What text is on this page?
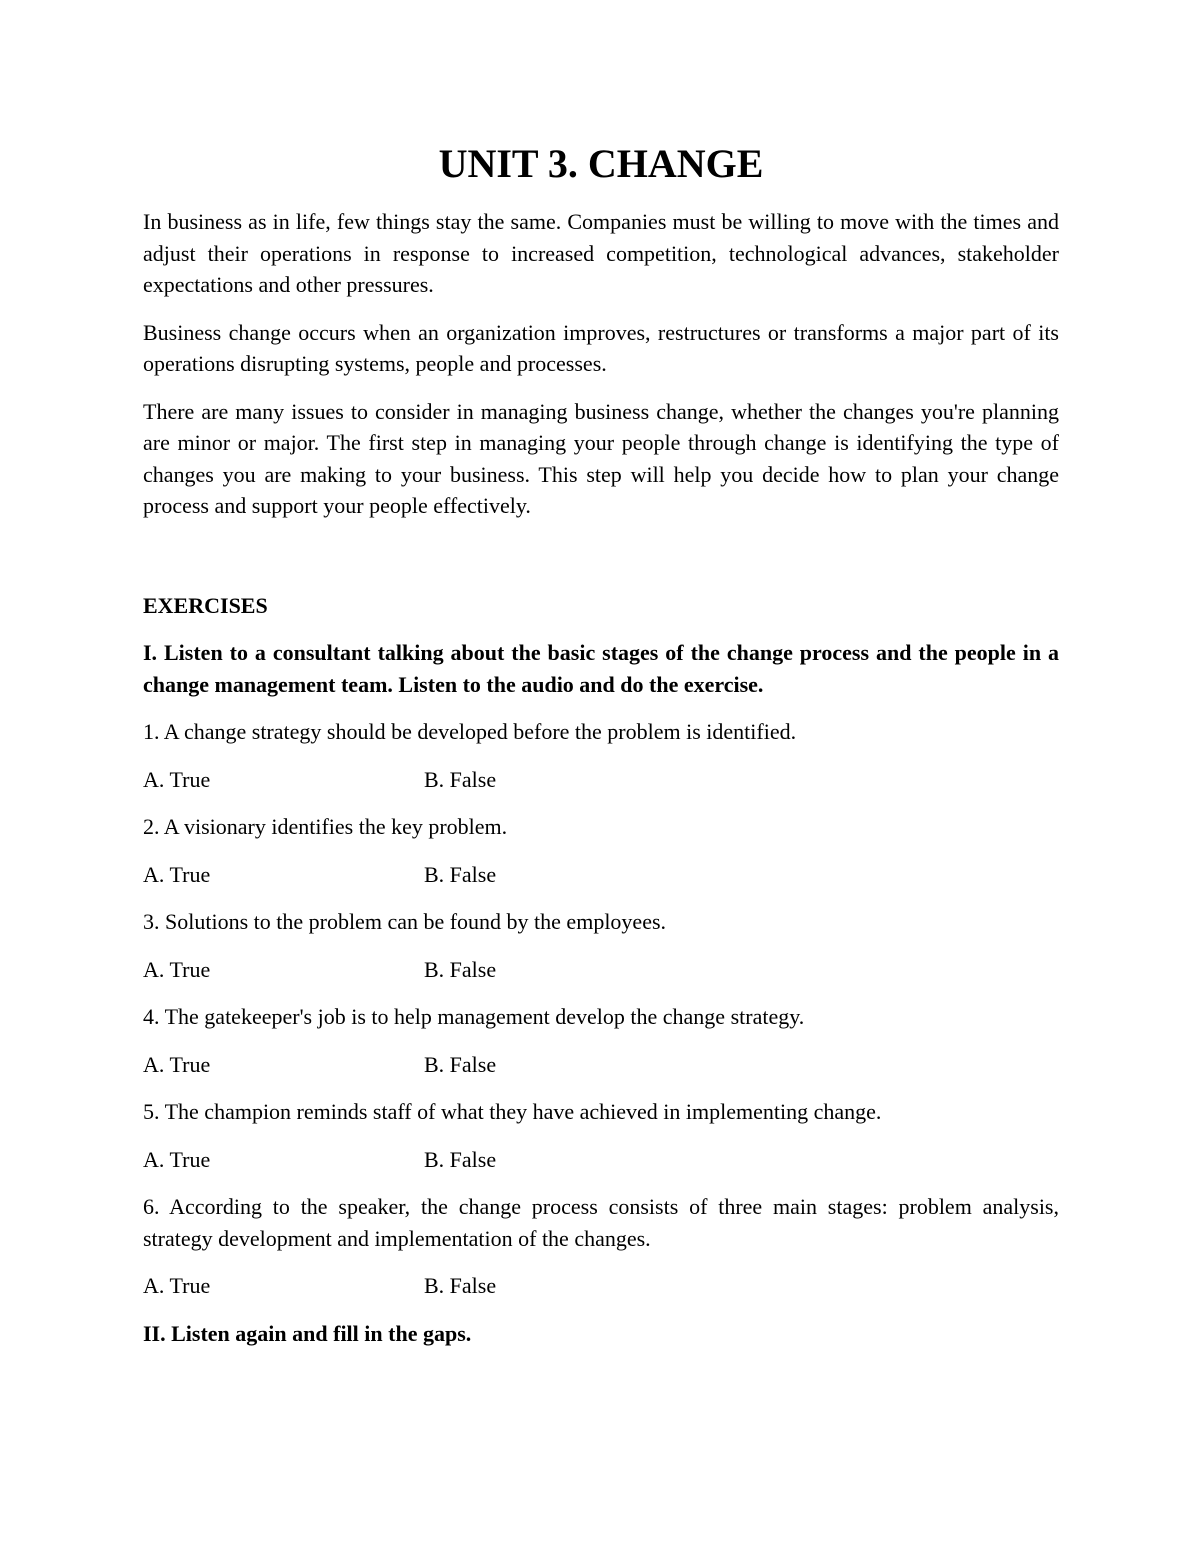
UNIT 3. CHANGE

In business as in life, few things stay the same. Companies must be willing to move with the times and adjust their operations in response to increased competition, technological advances, stakeholder expectations and other pressures.

Business change occurs when an organization improves, restructures or transforms a major part of its operations disrupting systems, people and processes.

There are many issues to consider in managing business change, whether the changes you're planning are minor or major. The first step in managing your people through change is identifying the type of changes you are making to your business. This step will help you decide how to plan your change process and support your people effectively.

EXERCISES
I. Listen to a consultant talking about the basic stages of the change process and the people in a change management team. Listen to the audio and do the exercise.
1. A change strategy should be developed before the problem is identified.
A. True	B. False
2. A visionary identifies the key problem.
A. True	B. False
3. Solutions to the problem can be found by the employees.
A. True	B. False
4. The gatekeeper's job is to help management develop the change strategy.
A. True	B. False
5. The champion reminds staff of what they have achieved in implementing change.
A. True	B. False
6. According to the speaker, the change process consists of three main stages: problem analysis, strategy development and implementation of the changes.
A. True	B. False
II. Listen again and fill in the gaps.
